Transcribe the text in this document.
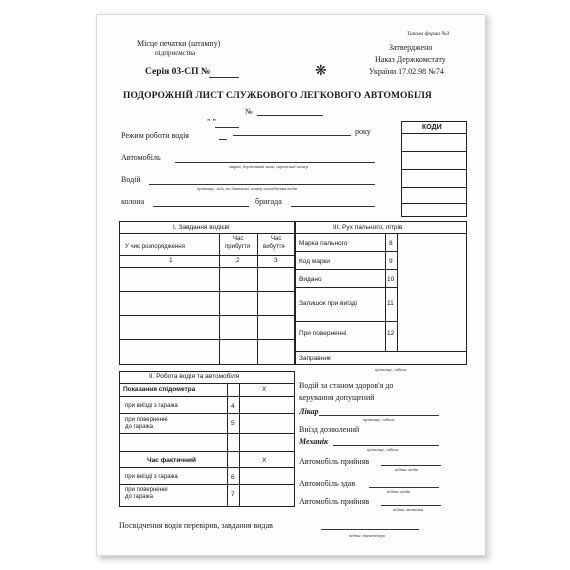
Місце печатки (штампу)
підприємства
Серія 03-СП №	❋
Типова форма №3
Затверджено
Наказ Держкомстату
України 17.02.98 №74
ПОДОРОЖНІЙ ЛИСТ СЛУЖБОВОГО ЛЕГКОВОГО АВТОМОБІЛЯ
№
„ „
Режим роботи водія	року
Автомобіль
марка, державний знак, гаражний номер
Водій
прізвище, ім'я, по батькові, номер посвідчення водія
колона	бригада
КОДИ
І. Завдання водієві
У чиє розпорядження
Час
прибуття
Час
вибуття
1	2	3
ІІІ. Рух пального, літрів
Марка пального	8
Код марки	9
Видано	10
Залишок при виїзді	11
При поверненні	12
Заправник
прізвище, підпис
ІІ. Робота водія та автомобіля
Показання спідометра	X
при виїзді з гаража	4
при поверненні
до гаража	5
Час фактичний	X
при виїзді з гаража	6
при поверненні
до гаража	7
Водій за станом здоров'я до
керування допущений
Лікар
прізвище, підпис
Виїзд дозволений
Механік
прізвище, підпис
Автомобіль прийняв
підпис водія
Автомобіль здав
підпис водія
Автомобіль прийняв
підпис механіка
Посвідчення водія перевірив, завдання видав
підпис диспетчера
